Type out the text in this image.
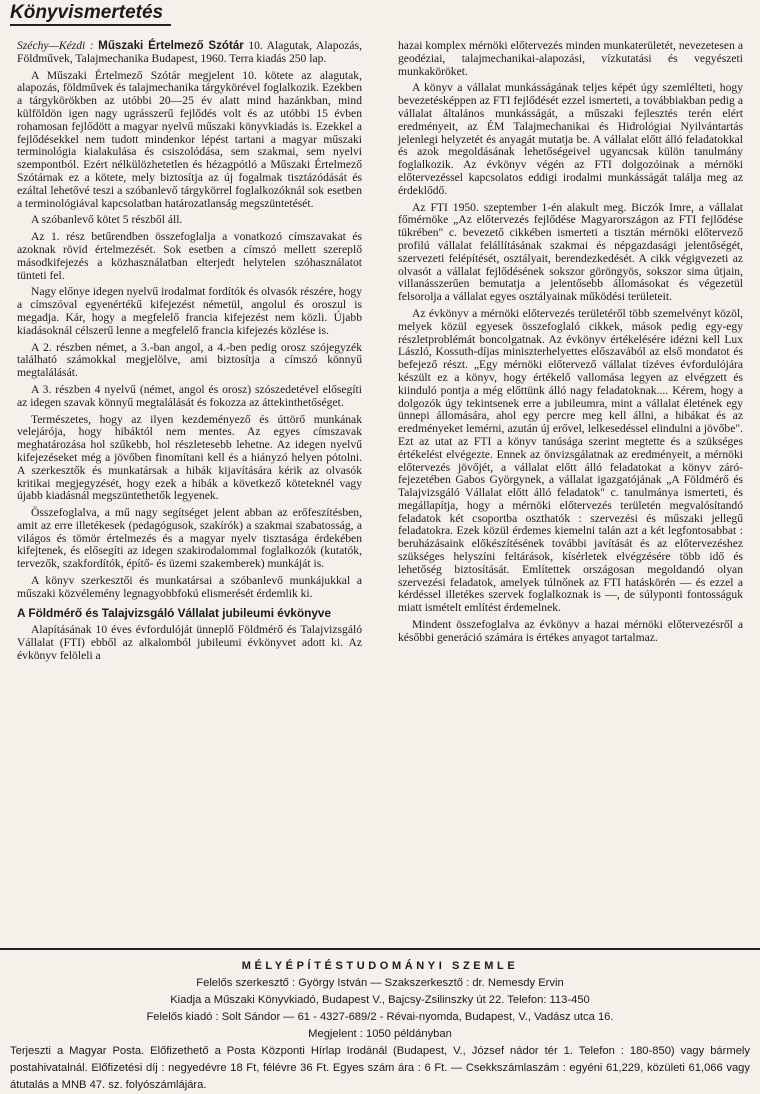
Könyvismertetés

Széchy—Kézdi : Műszaki Értelmező Szótár 10. Alagutak, Alapozás, Földművek, Talajmechanika Budapest, 1960. Terra kiadás 250 lap.

A Műszaki Értelmező Szótár megjelent 10. kötete az alagutak, alapozás, földművek és talajmechanika tárgykörével foglalkozik. Ezekben a tárgykörökben az utóbbi 20—25 év alatt mind hazánkban, mind külföldön igen nagy ugrásszerű fejlődés volt és az utóbbi 15 évben rohamosan fejlődött a magyar nyelvű műszaki könyvkiadás is. Ezekkel a fejlődésekkel nem tudott mindenkor lépést tartani a magyar műszaki terminológia kialakulása és csiszolódása, sem szakmai, sem nyelvi szempontból. Ezért nélkülözhetetlen és hézagpótló a Műszaki Értelmező Szótárnak ez a kötete, mely biztosítja az új fogalmak tisztázódását és ezáltal lehetővé teszi a szóbanlevő tárgykörrel foglalkozóknál sok esetben a terminológiával kapcsolatban határozatlanság megszüntetését.

A szóbanlevő kötet 5 részből áll.

Az 1. rész betűrendben összefoglalja a vonatkozó címszavakat és azoknak rövid értelmezését. Sok esetben a címszó mellett szereplő másodkifejezés a közhasználatban elterjedt helytelen szóhasználatot tünteti fel.

Nagy előnye idegen nyelvű irodalmat fordítók és olvasók részére, hogy a címszóval egyenértékű kifejezést németül, angolul és oroszul is megadja. Kár, hogy a megfelelő francia kifejezést nem közli. Újabb kiadásoknál célszerű lenne a megfelelő francia kifejezés közlése is.

A 2. részben német, a 3.-ban angol, a 4.-ben pedig orosz szójegyzék található számokkal megjelölve, ami biztosítja a címszó könnyű megtalálását.

A 3. részben 4 nyelvű (német, angol és orosz) szószedetével elősegíti az idegen szavak könnyű megtalálását és fokozza az áttekinthetőséget.

Természetes, hogy az ilyen kezdeményező és úttörő munkának velejárója, hogy hibáktól nem mentes. Az egyes címszavak meghatározása hol szűkebb, hol részletesebb lehetne. Az idegen nyelvű kifejezéseket még a jövőben finomítani kell és a hiányzó helyen pótolni. A szerkesztők és munkatársak a hibák kijavítására kérik az olvasók kritikai megjegyzését, hogy ezek a hibák a következő köteteknél vagy újabb kiadásnál megszüntethetők legyenek.

Összefoglalva, a mű nagy segítséget jelent abban az erőfeszítésben, amit az erre illetékesek (pedagógusok, szakírók) a szakmai szabatosság, a világos és tömör értelmezés és a magyar nyelv tisztasága érdekében kifejtenek, és elősegíti az idegen szakirodalommal foglalkozók (kutatók, tervezők, szakfordítók, építő- és üzemi szakemberek) munkáját is.

A könyv szerkesztői és munkatársai a szóbanlevő munkájukkal a műszaki közvélemény legnagyobbfokú elismerését érdemlik ki.

A Földmérő és Talajvizsgáló Vállalat jubileumi évkönyve

Alapításának 10 éves évfordulóját ünneplő Földmérő és Talajvizsgáló Vállalat (FTI) ebből az alkalomból jubileumi évkönyvet adott ki. Az évkönyv felöleli a

hazai komplex mérnöki előtervezés minden munkaterületét, nevezetesen a geodéziai, talajmechanikai-alapozási, vízkutatási és vegyészeti munkaköröket.

A könyv a vállalat munkásságának teljes képét úgy szemlélteti, hogy bevezetésképpen az FTI fejlődését ezzel ismerteti, a továbbiakban pedig a vállalat általános munkásságát, a műszaki fejlesztés terén elért eredményeit, az ÉM Talajmechanikai és Hidrológiai Nyilvántartás jelenlegi helyzetét és anyagát mutatja be. A vállalat előtt álló feladatokkal és azok megoldásának lehetőségeivel ugyancsak külön tanulmány foglalkozik. Az évkönyv végén az FTI dolgozóinak a mérnöki előtervezéssel kapcsolatos eddigi irodalmi munkásságát találja meg az érdeklődő.

Az FTI 1950. szeptember 1-én alakult meg. Biczók Imre, a vállalat főmérnöke „Az előtervezés fejlődése Magyarországon az FTI fejlődése tükrében" c. bevezető cikkében ismerteti a tisztán mérnöki előtervező profilú vállalat felállításának szakmai és népgazdasági jelentőségét, szervezeti felépítését, osztályait, berendezkedését. A cikk végigvezeti az olvasót a vállalat fejlődésének sokszor göröngyös, sokszor sima útjain, villanásszerűen bemutatja a jelentősebb állomásokat és végezetül felsorolja a vállalat egyes osztályainak működési területeit.

Az évkönyv a mérnöki előtervezés területéről több szemelvényt közöl, melyek közül egyesek összefoglaló cikkek, mások pedig egy-egy részletproblémát boncolgatnak. Az évkönyv értékelésére idézni kell Lux László, Kossuth-díjas miniszterhelyettes előszavából az első mondatot és befejező részt. „Egy mérnöki előtervező vállalat tízéves évfordulójára készült ez a könyv, hogy értékelő vallomása legyen az elvégzett és kiinduló pontja a még előttünk álló nagy feladatoknak.... Kérem, hogy a dolgozók úgy tekintsenek erre a jubileumra, mint a vállalat életének egy ünnepi állomására, ahol egy percre meg kell állni, a hibákat és az eredményeket lemérni, azután új erővel, lelkesedéssel elindulni a jövőbe". Ezt az utat az FTI a könyv tanúsága szerint megtette és a szükséges értékelést elvégezte. Ennek az önvizsgálatnak az eredményeit, a mérnöki előtervezés jövőjét, a vállalat előtt álló feladatokat a könyv záró-fejezetében Gabos Györgynek, a vállalat igazgatójának „A Földmérő és Talajvizsgáló Vállalat előtt álló feladatok" c. tanulmánya ismerteti, és megállapítja, hogy a mérnöki előtervezés területén megvalósítandó feladatok két csoportba oszthatók : szervezési és műszaki jellegű feladatokra. Ezek közül érdemes kiemelni talán azt a két legfontosabbat : beruházásaink előkészítésének további javítását és az előtervezéshez szükséges helyszíni feltárások, kísérletek elvégzésére több idő és lehetőség biztosítását. Említettek országosan megoldandó olyan szervezési feladatok, amelyek túlnőnek az FTI hatáskörén — és ezzel a kérdéssel illetékes szervek foglalkoznak is —, de súlyponti fontosságuk miatt ismételt említést érdemelnek.

Mindent összefoglalva az évkönyv a hazai mérnöki előtervezésről a későbbi generáció számára is értékes anyagot tartalmaz.

MÉLYÉPÍTÉSTUDOMÁNYI SZEMLE
Felelős szerkesztő : György István — Szakszerkesztő : dr. Nemesdy Ervin
Kiadja a Műszaki Könyvkiadó, Budapest V., Bajcsy-Zsilinszky út 22. Telefon: 113-450
Felelős kiadó : Solt Sándor — 61 - 4327-689/2 - Révai-nyomda, Budapest, V., Vadász utca 16.
Megjelent : 1050 példányban
Terjeszti a Magyar Posta. Előfizethető a Posta Központi Hírlap Irodánál (Budapest, V., József nádor tér 1. Telefon : 180-850) vagy bármely postahivatalnál. Előfizetési díj : negyedévre 18 Ft, félévre 36 Ft. Egyes szám ára : 6 Ft. — Csekkszámlaszám : egyéni 61,229, közületi 61,066 vagy átutalás a MNB 47. sz. folyószámlájára.
